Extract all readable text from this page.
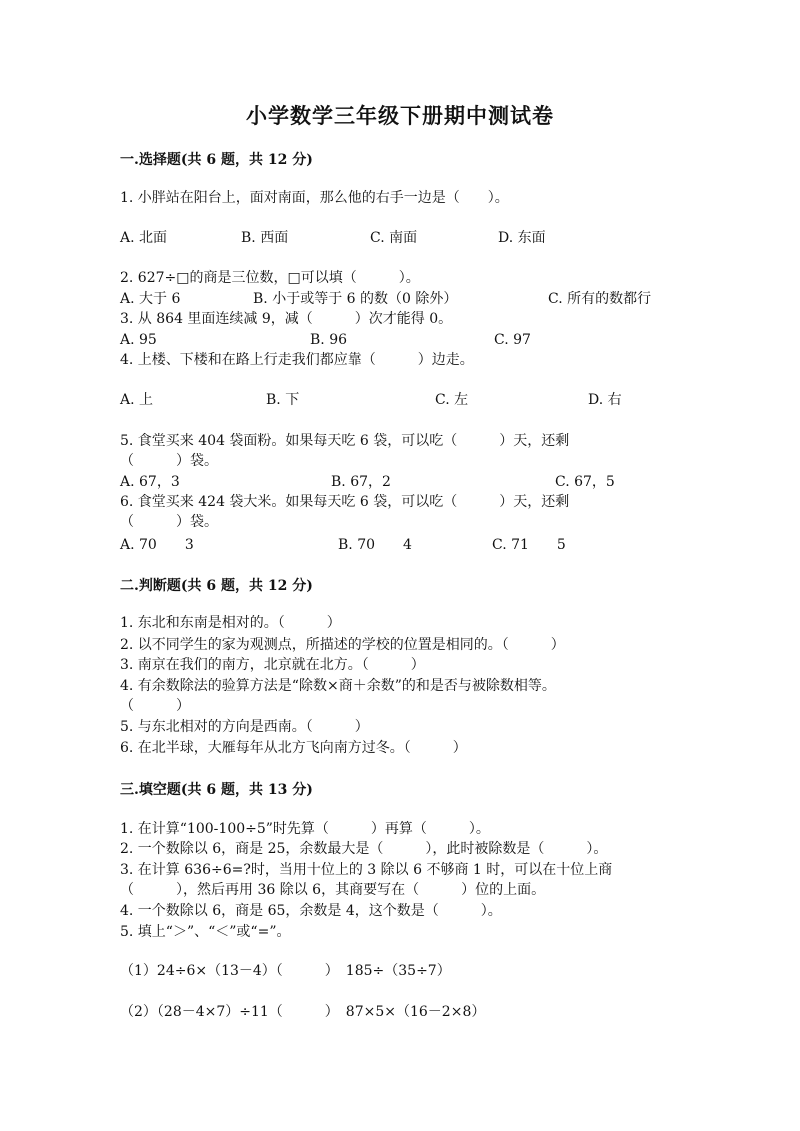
小学数学三年级下册期中测试卷
一.选择题(共 6 题，共 12 分)
1. 小胖站在阳台上，面对南面，那么他的右手一边是（　　）。
A. 北面	B. 西面	C. 南面	D. 东面
2. 627÷□的商是三位数，□可以填（　　　）。
A. 大于 6	B. 小于或等于 6 的数（0 除外）	C. 所有的数都行
3. 从 864 里面连续减 9，减（　　　）次才能得 0。
A. 95	B. 96	C. 97
4. 上楼、下楼和在路上行走我们都应靠（　　　）边走。
A. 上	B. 下	C. 左	D. 右
5. 食堂买来 404 袋面粉。如果每天吃 6 袋，可以吃（　　　）天，还剩
（　　　）袋。
A. 67，3	B. 67，2	C. 67，5
6. 食堂买来 424 袋大米。如果每天吃 6 袋，可以吃（　　　）天，还剩
（　　　）袋。
A. 70　　3	B. 70　　4	C. 71　　5
二.判断题(共 6 题，共 12 分)
1. 东北和东南是相对的。（　　　）
2. 以不同学生的家为观测点，所描述的学校的位置是相同的。（　　　）
3. 南京在我们的南方，北京就在北方。（　　　）
4. 有余数除法的验算方法是“除数×商＋余数”的和是否与被除数相等。
（　　　）
5. 与东北相对的方向是西南。（　　　）
6. 在北半球，大雁每年从北方飞向南方过冬。（　　　）
三.填空题(共 6 题，共 13 分)
1. 在计算“100-100÷5”时先算（　　　）再算（　　　）。
2. 一个数除以 6，商是 25，余数最大是（　　　），此时被除数是（　　　）。
3. 在计算 636÷6=?时，当用十位上的 3 除以 6 不够商 1 时，可以在十位上商
（　　　），然后再用 36 除以 6，其商要写在（　　　）位的上面。
4. 一个数除以 6，商是 65，余数是 4，这个数是（　　　）。
5. 填上“＞”、“＜”或“=”。
（1）24÷6×（13－4）（　　　）　185÷（35÷7）
（2）（28－4×7）÷11（　　　）　87×5×（16－2×8）
